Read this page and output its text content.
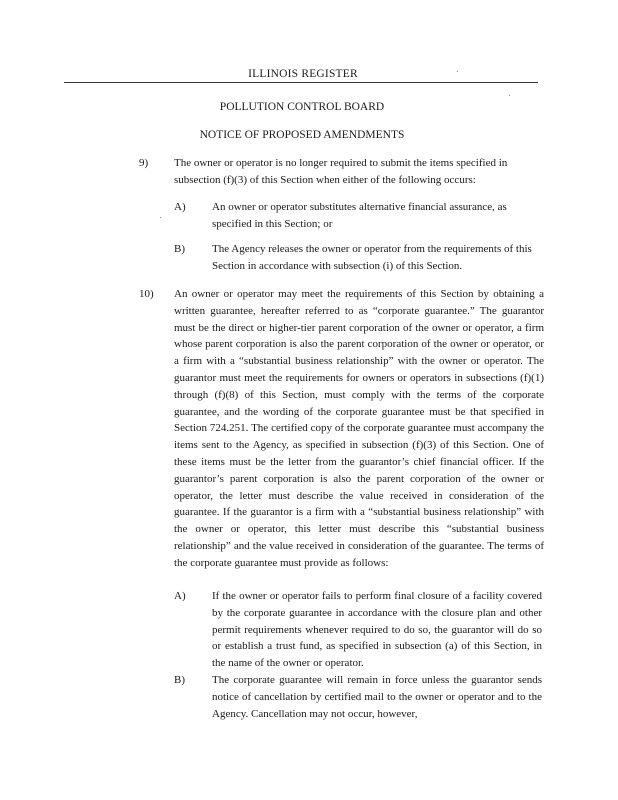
ILLINOIS REGISTER
POLLUTION CONTROL BOARD
NOTICE OF PROPOSED AMENDMENTS
9) The owner or operator is no longer required to submit the items specified in subsection (f)(3) of this Section when either of the following occurs:

A) An owner or operator substitutes alternative financial assurance, as specified in this Section; or

B) The Agency releases the owner or operator from the requirements of this Section in accordance with subsection (i) of this Section.

10) An owner or operator may meet the requirements of this Section by obtaining a written guarantee, hereafter referred to as “corporate guarantee.” The guarantor must be the direct or higher-tier parent corporation of the owner or operator, a firm whose parent corporation is also the parent corporation of the owner or operator, or a firm with a “substantial business relationship” with the owner or operator. The guarantor must meet the requirements for owners or operators in subsections (f)(1) through (f)(8) of this Section, must comply with the terms of the corporate guarantee, and the wording of the corporate guarantee must be that specified in Section 724.251. The certified copy of the corporate guarantee must accompany the items sent to the Agency, as specified in subsection (f)(3) of this Section. One of these items must be the letter from the guarantor’s chief financial officer. If the guarantor’s parent corporation is also the parent corporation of the owner or operator, the letter must describe the value received in consideration of the guarantee. If the guarantor is a firm with a “substantial business relationship” with the owner or operator, this letter must describe this “substantial business relationship” and the value received in consideration of the guarantee. The terms of the corporate guarantee must provide as follows:

A) If the owner or operator fails to perform final closure of a facility covered by the corporate guarantee in accordance with the closure plan and other permit requirements whenever required to do so, the guarantor will do so or establish a trust fund, as specified in subsection (a) of this Section, in the name of the owner or operator.

B) The corporate guarantee will remain in force unless the guarantor sends notice of cancellation by certified mail to the owner or operator and to the Agency. Cancellation may not occur, however,
